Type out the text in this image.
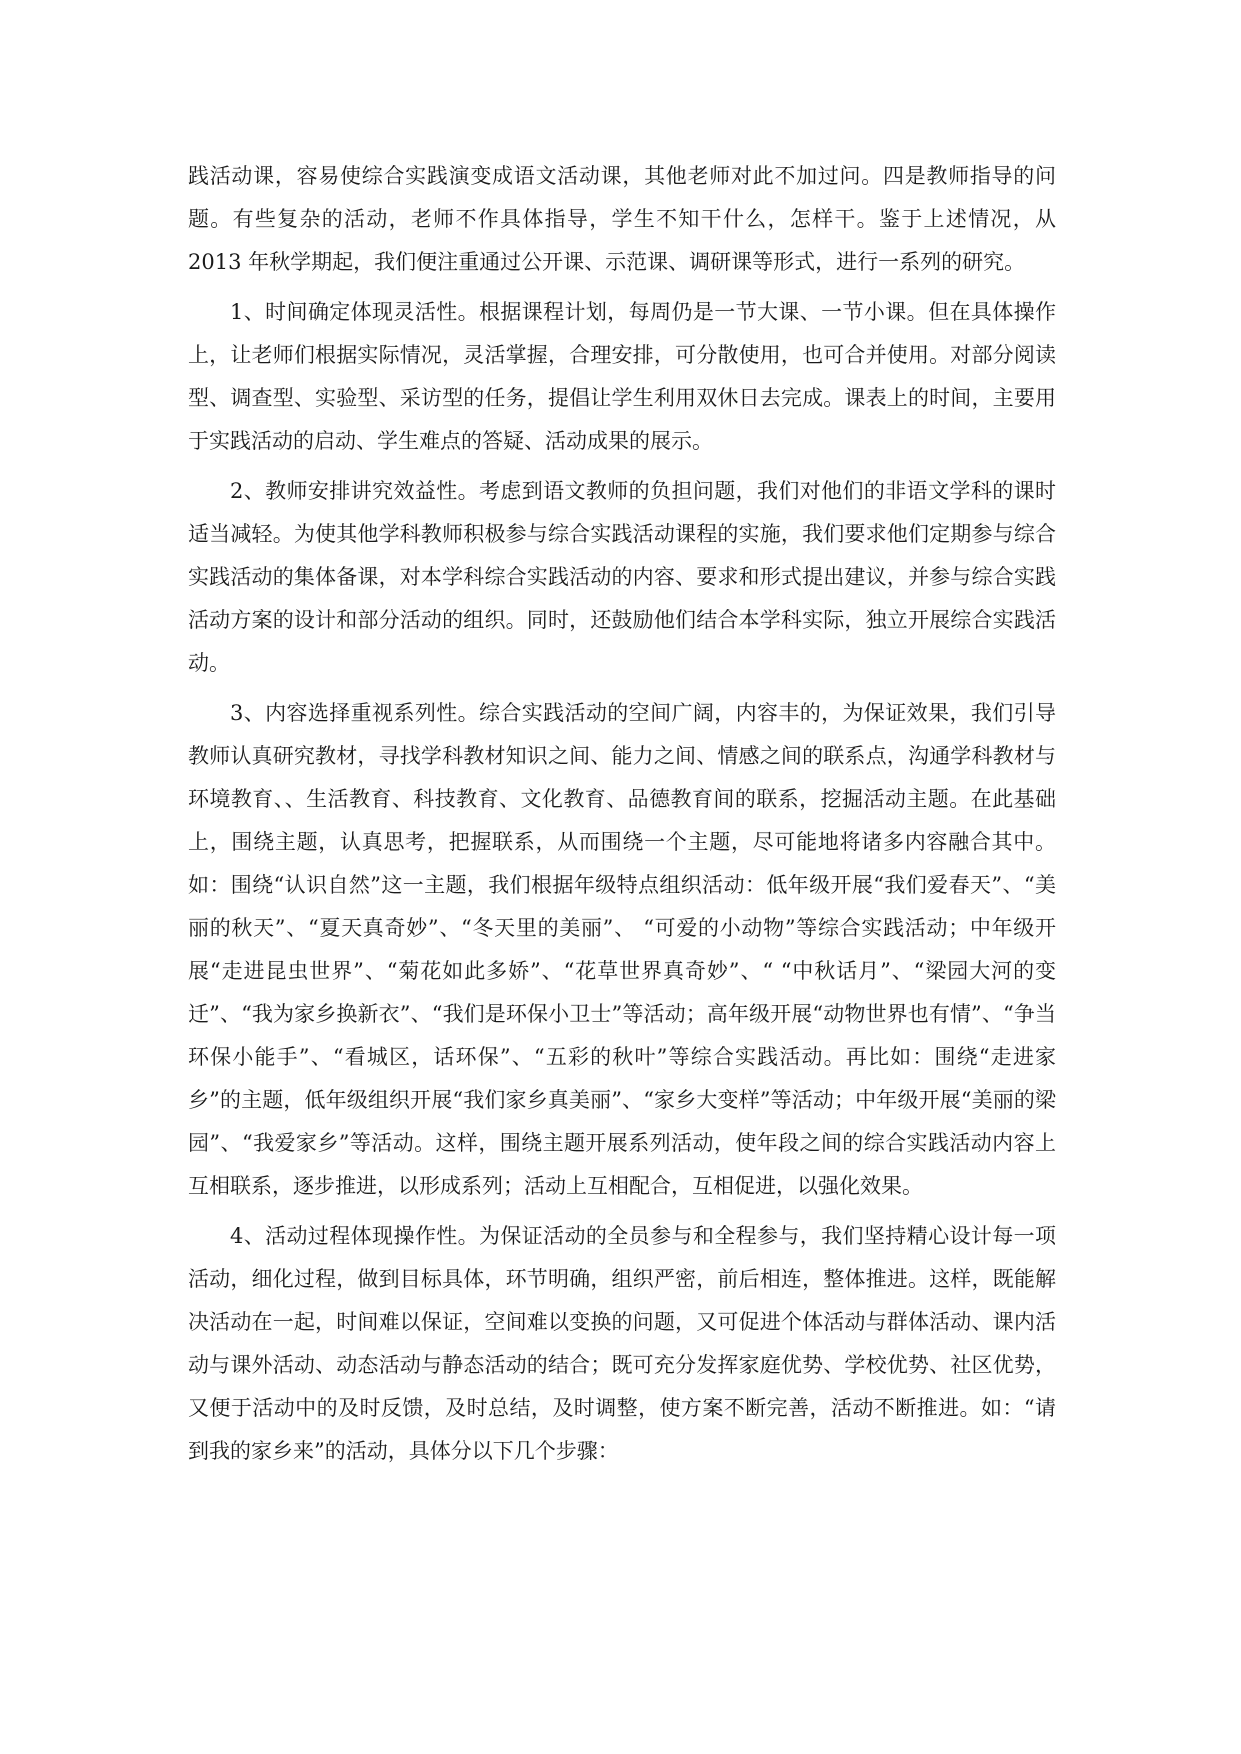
践活动课，容易使综合实践演变成语文活动课，其他老师对此不加过问。四是教师指导的问题。有些复杂的活动，老师不作具体指导，学生不知干什么，怎样干。鉴于上述情况，从 2013 年秋学期起，我们便注重通过公开课、示范课、调研课等形式，进行一系列的研究。

1、时间确定体现灵活性。根据课程计划，每周仍是一节大课、一节小课。但在具体操作上，让老师们根据实际情况，灵活掌握，合理安排，可分散使用，也可合并使用。对部分阅读型、调查型、实验型、采访型的任务，提倡让学生利用双休日去完成。课表上的时间，主要用于实践活动的启动、学生难点的答疑、活动成果的展示。

2、教师安排讲究效益性。考虑到语文教师的负担问题，我们对他们的非语文学科的课时适当减轻。为使其他学科教师积极参与综合实践活动课程的实施，我们要求他们定期参与综合实践活动的集体备课，对本学科综合实践活动的内容、要求和形式提出建议，并参与综合实践活动方案的设计和部分活动的组织。同时，还鼓励他们结合本学科实际，独立开展综合实践活动。

3、内容选择重视系列性。综合实践活动的空间广阔，内容丰的，为保证效果，我们引导教师认真研究教材，寻找学科教材知识之间、能力之间、情感之间的联系点，沟通学科教材与环境教育、、生活教育、科技教育、文化教育、品德教育间的联系，挖掘活动主题。在此基础上，围绕主题，认真思考，把握联系，从而围绕一个主题，尽可能地将诸多内容融合其中。如：围绕“认识自然”这一主题，我们根据年级特点组织活动：低年级开展“我们爱春天”、“美丽的秋天”、“夏天真奇妙”、“冬天里的美丽”、 “可爱的小动物”等综合实践活动；中年级开展“走进昆虫世界”、“菊花如此多娇”、“花草世界真奇妙”、“ “中秋话月”、“梁园大河的变迁”、“我为家乡换新衣”、“我们是环保小卫士”等活动；高年级开展“动物世界也有情”、“争当环保小能手”、“看城区，话环保”、“五彩的秋叶”等综合实践活动。再比如：围绕“走进家乡”的主题，低年级组织开展“我们家乡真美丽”、“家乡大变样”等活动；中年级开展“美丽的梁园”、“我爱家乡”等活动。这样，围绕主题开展系列活动，使年段之间的综合实践活动内容上互相联系，逐步推进，以形成系列；活动上互相配合，互相促进，以强化效果。

4、活动过程体现操作性。为保证活动的全员参与和全程参与，我们坚持精心设计每一项活动，细化过程，做到目标具体，环节明确，组织严密，前后相连，整体推进。这样，既能解决活动在一起，时间难以保证，空间难以变换的问题，又可促进个体活动与群体活动、课内活动与课外活动、动态活动与静态活动的结合；既可充分发挥家庭优势、学校优势、社区优势，又便于活动中的及时反馈，及时总结，及时调整，使方案不断完善，活动不断推进。如：“请到我的家乡来”的活动，具体分以下几个步骤：
